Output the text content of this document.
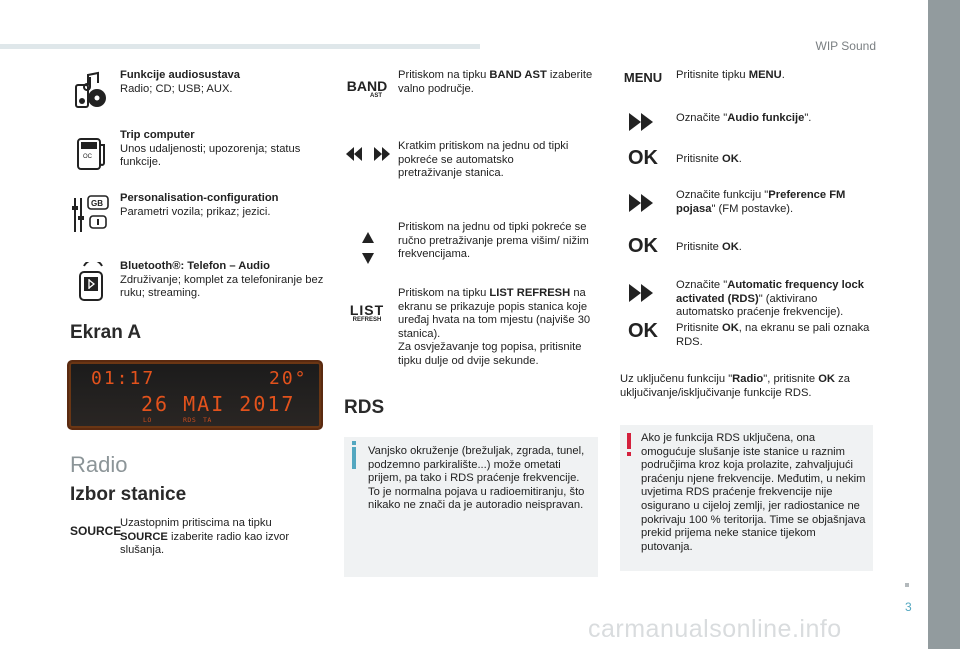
WIP Sound
Funkcije audiosustava
Radio; CD; USB; AUX.
OC
Trip computer
Unos udaljenosti; upozorenja; status funkcije.
GB Personalisation-configuration
Parametri vozila; prikaz; jezici.
Bluetooth®: Telefon – Audio
Združivanje; komplet za telefoniranje bez ruku; streaming.
Ekran A
01:17	20°
26 MAI 2017
LO	RDS TA
Radio
Izbor stanice
SOURCE
Uzastopnim pritiscima na tipku SOURCE izaberite radio kao izvor slušanja.
BAND
AST
Pritiskom na tipku BAND AST izaberite valno područje.
Kratkim pritiskom na jednu od tipki pokreće se automatsko pretraživanje stanica.
Pritiskom na jednu od tipki pokreće se ručno pretraživanje prema višim/ nižim frekvencijama.
LIST
REFRESH
Pritiskom na tipku LIST REFRESH na ekranu se prikazuje popis stanica koje uređaj hvata na tom mjestu (najviše 30 stanica).
Za osvježavanje tog popisa, pritisnite tipku dulje od dvije sekunde.
RDS
Vanjsko okruženje (brežuljak, zgrada, tunel, podzemno parkiralište...) može ometati prijem, pa tako i RDS praćenje frekvencije. To je normalna pojava u radioemitiranju, što nikako ne znači da je autoradio neispravan.
MENU	Pritisnite tipku MENU.
Označite "Audio funkcije".
OK	Pritisnite OK.
Označite funkciju "Preference FM pojasa" (FM postavke).
OK	Pritisnite OK.
Označite "Automatic frequency lock activated (RDS)" (aktivirano automatsko praćenje frekvencije).
OK	Pritisnite OK, na ekranu se pali oznaka RDS.
Uz uključenu funkciju "Radio", pritisnite OK za uključivanje/isključivanje funkcije RDS.
Ako je funkcija RDS uključena, ona omogućuje slušanje iste stanice u raznim područjima kroz koja prolazite, zahvaljujući praćenju njene frekvencije. Međutim, u nekim uvjetima RDS praćenje frekvencije nije osigurano u cijeloj zemlji, jer radiostanice ne pokrivaju 100 % teritorija. Time se objašnjava prekid prijema neke stanice tijekom putovanja.
3
carmanualsonline.info
